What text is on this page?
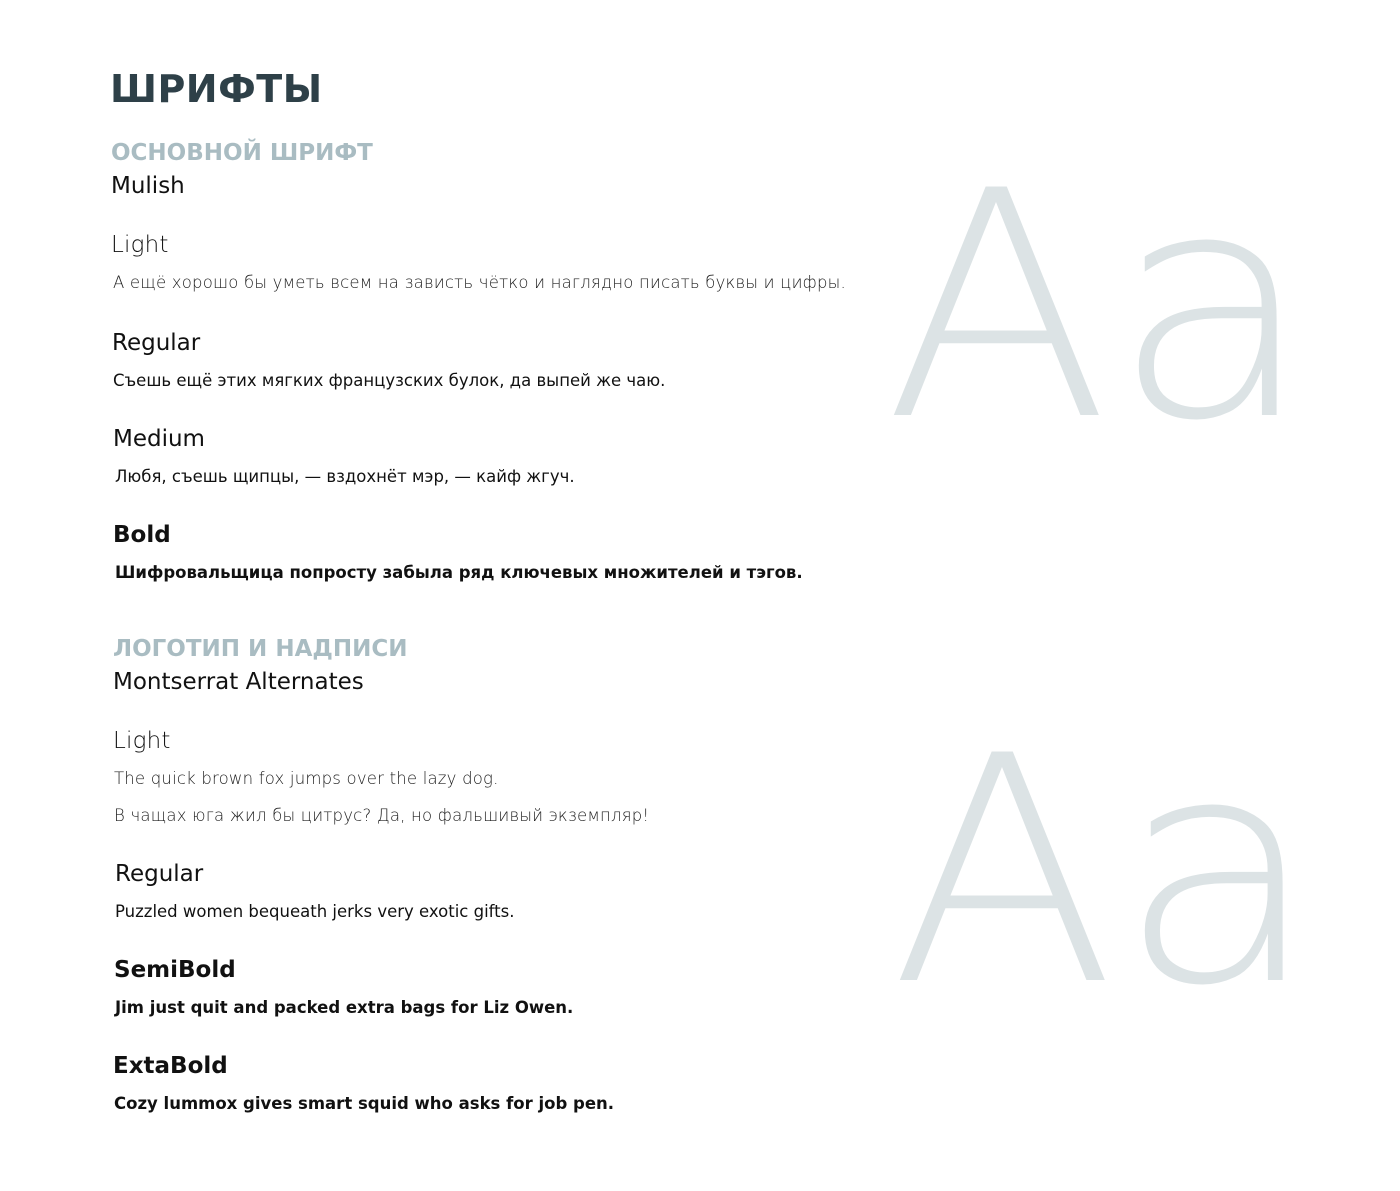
ШРИФТЫ
ОСНОВНОЙ ШРИФТ
Mulish
Light
А ещё хорошо бы уметь всем на зависть чётко и наглядно писать буквы и цифры.
Regular
Съешь ещё этих мягких французских булок, да выпей же чаю.
Medium
Любя, съешь щипцы, — вздохнёт мэр, — кайф жгуч.
Bold
Шифровальщица попросту забыла ряд ключевых множителей и тэгов.
ЛОГОТИП И НАДПИСИ
Montserrat Alternates
Light
The quick brown fox jumps over the lazy dog.
В чащах юга жил бы цитрус? Да, но фальшивый экземпляр!
Regular
Puzzled women bequeath jerks very exotic gifts.
SemiBold
Jim just quit and packed extra bags for Liz Owen.
ExtaBold
Cozy lummox gives smart squid who asks for job pen.
Aa
Aa
